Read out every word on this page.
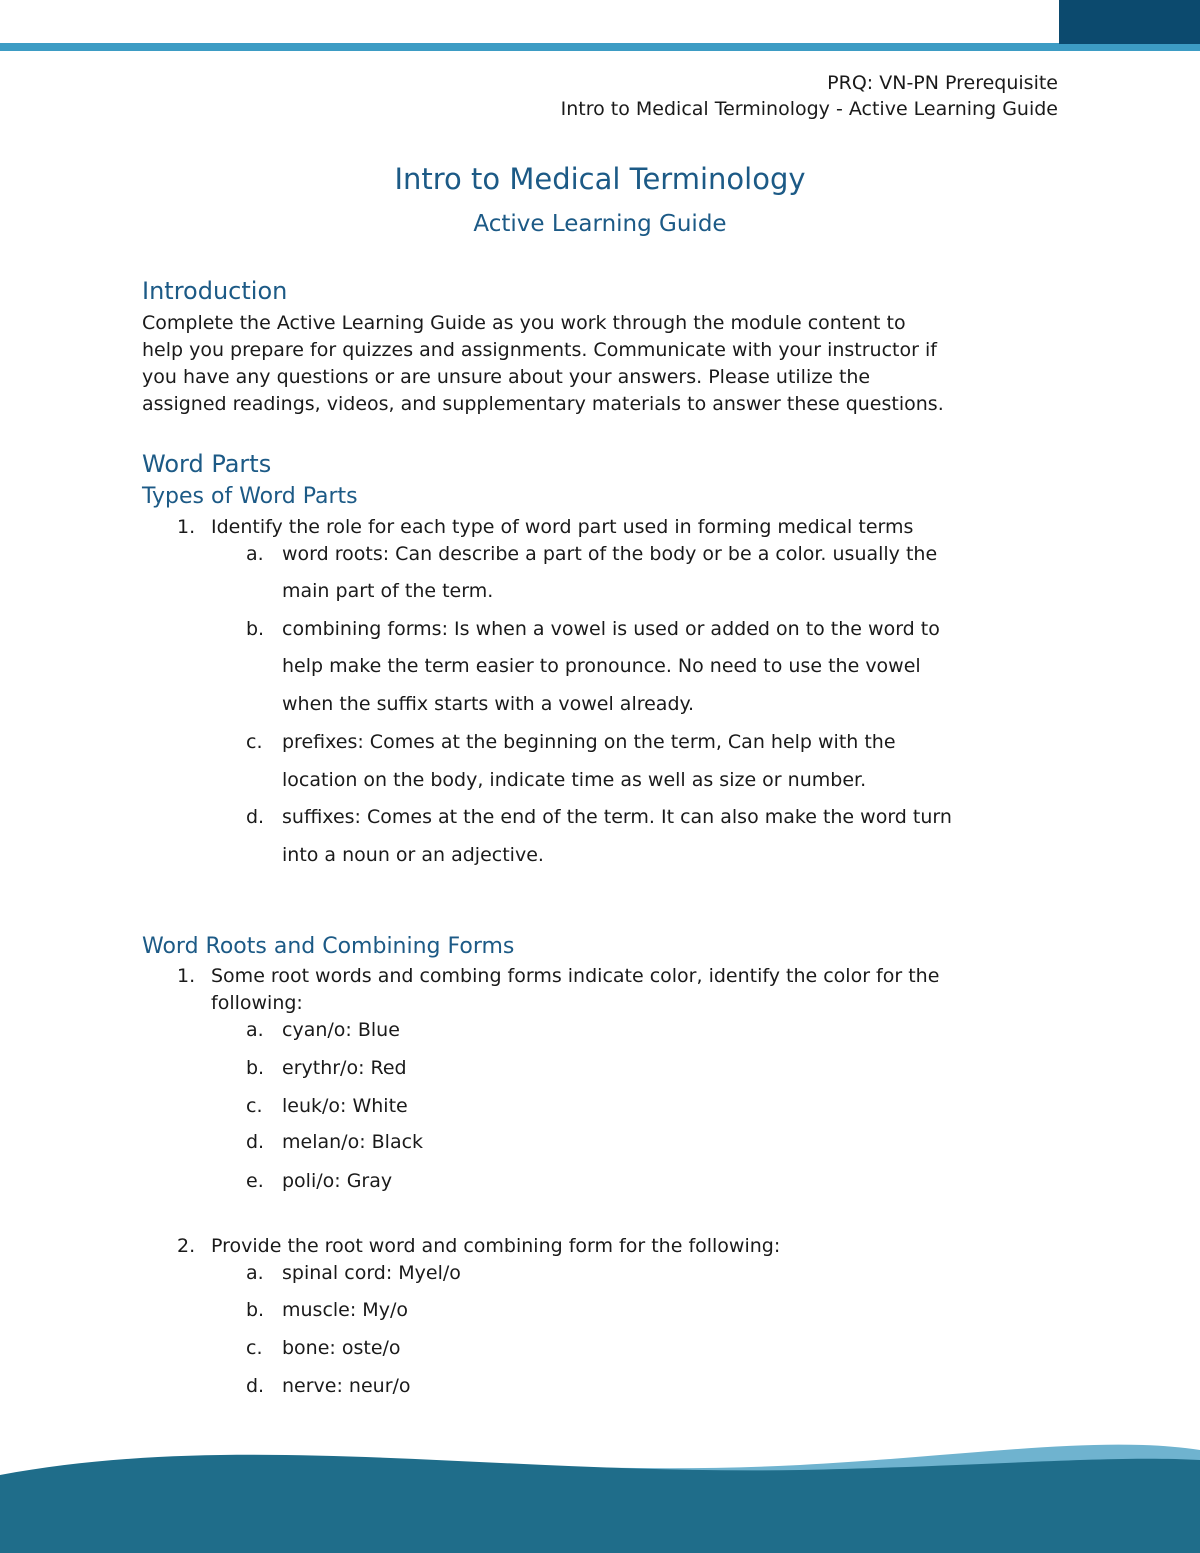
PRQ: VN-PN Prerequisite
Intro to Medical Terminology - Active Learning Guide
Intro to Medical Terminology
Active Learning Guide
Introduction
Complete the Active Learning Guide as you work through the module content to
help you prepare for quizzes and assignments. Communicate with your instructor if
you have any questions or are unsure about your answers. Please utilize the
assigned readings, videos, and supplementary materials to answer these questions.
Word Parts
Types of Word Parts
1. Identify the role for each type of word part used in forming medical terms
a. word roots: Can describe a part of the body or be a color. usually the
main part of the term.
b. combining forms: Is when a vowel is used or added on to the word to
help make the term easier to pronounce. No need to use the vowel
when the suffix starts with a vowel already.
c. prefixes: Comes at the beginning on the term, Can help with the
location on the body, indicate time as well as size or number.
d. suffixes: Comes at the end of the term. It can also make the word turn
into a noun or an adjective.
Word Roots and Combining Forms
1. Some root words and combing forms indicate color, identify the color for the
following:
a. cyan/o: Blue
b. erythr/o: Red
c. leuk/o: White
d. melan/o: Black
e. poli/o: Gray
2. Provide the root word and combining form for the following:
a. spinal cord: Myel/o
b. muscle: My/o
c. bone: oste/o
d. nerve: neur/o
